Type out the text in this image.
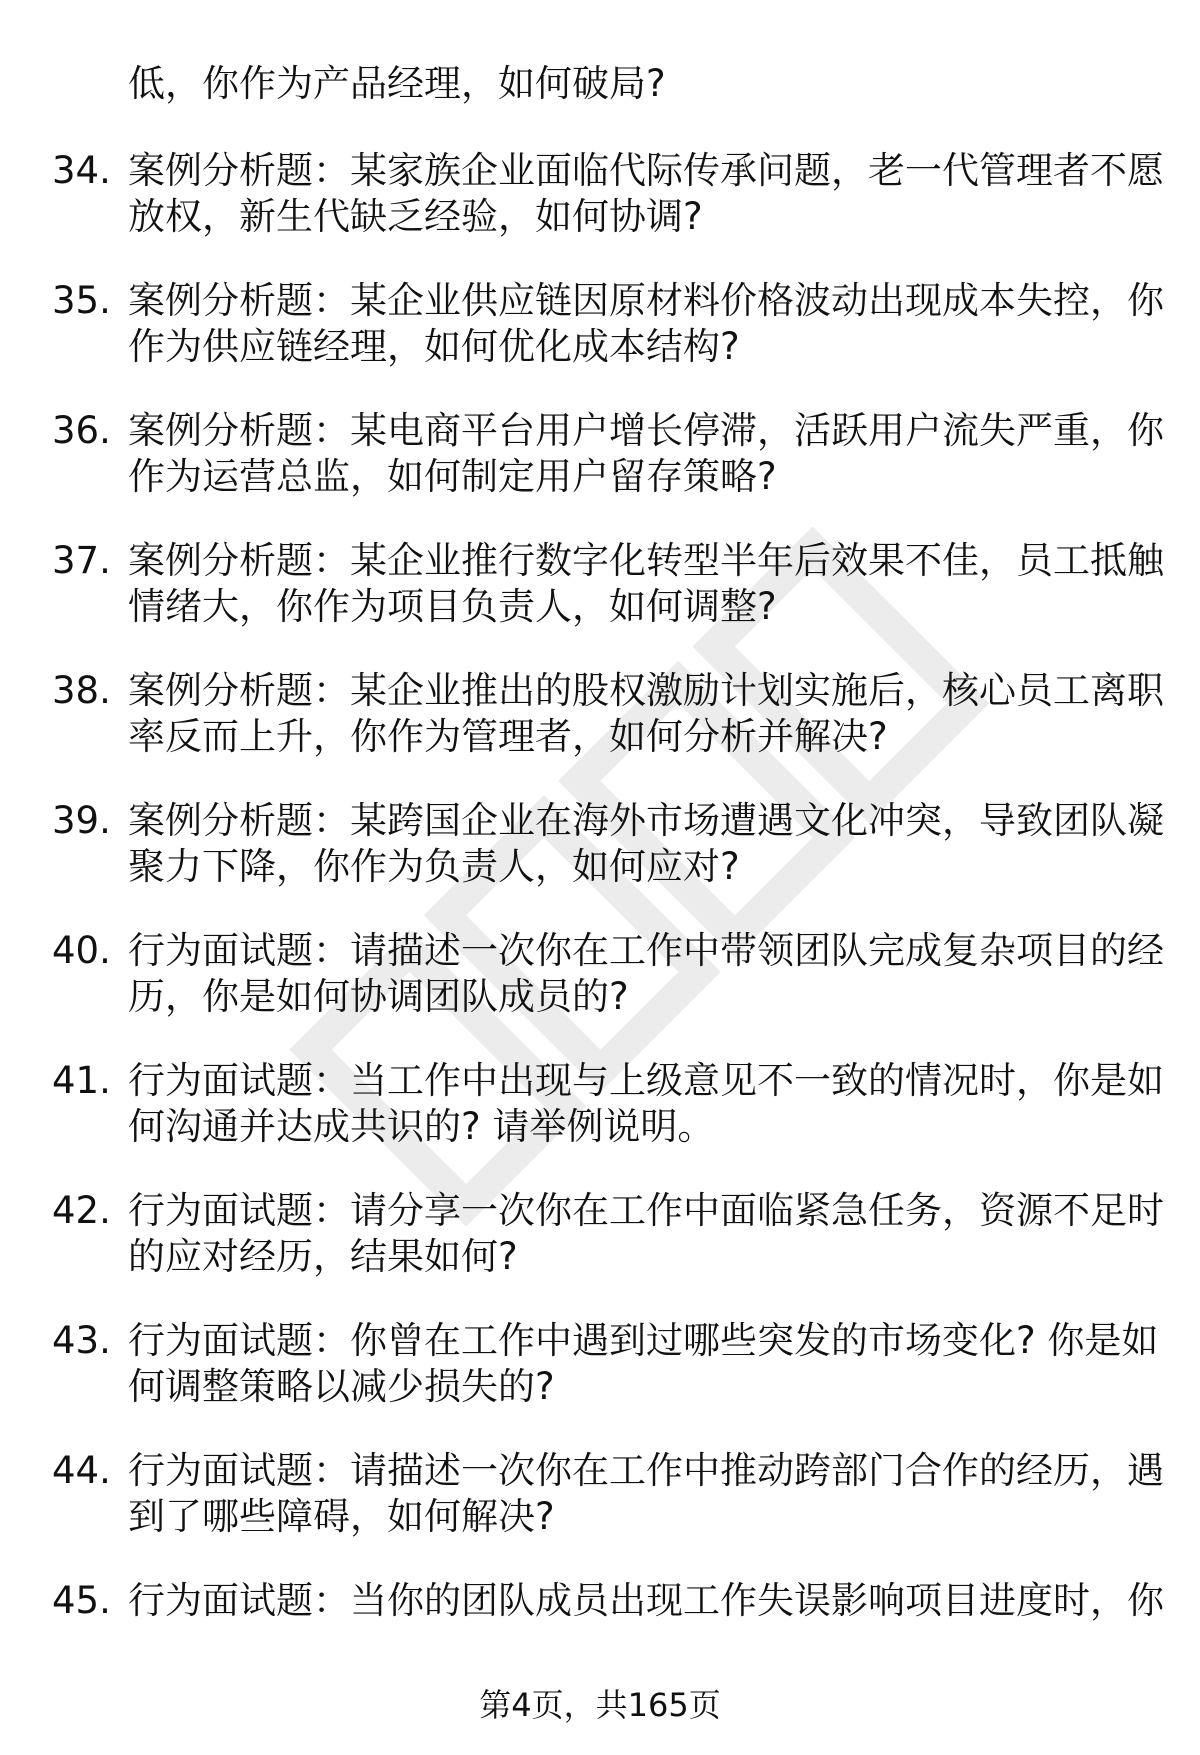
低，你作为产品经理，如何破局?
34. 案例分析题：某家族企业面临代际传承问题，老一代管理者不愿
放权，新生代缺乏经验，如何协调?
35. 案例分析题：某企业供应链因原材料价格波动出现成本失控，你
作为供应链经理，如何优化成本结构?
36. 案例分析题：某电商平台用户增长停滞，活跃用户流失严重，你
作为运营总监，如何制定用户留存策略?
37. 案例分析题：某企业推行数字化转型半年后效果不佳，员工抵触
情绪大，你作为项目负责人，如何调整?
38. 案例分析题：某企业推出的股权激励计划实施后，核心员工离职
率反而上升，你作为管理者，如何分析并解决?
39. 案例分析题：某跨国企业在海外市场遭遇文化冲突，导致团队凝
聚力下降，你作为负责人，如何应对?
40. 行为面试题：请描述一次你在工作中带领团队完成复杂项目的经
历，你是如何协调团队成员的?
41. 行为面试题：当工作中出现与上级意见不一致的情况时，你是如
何沟通并达成共识的? 请举例说明。
42. 行为面试题：请分享一次你在工作中面临紧急任务，资源不足时
的应对经历，结果如何?
43. 行为面试题：你曾在工作中遇到过哪些突发的市场变化? 你是如
何调整策略以减少损失的?
44. 行为面试题：请描述一次你在工作中推动跨部门合作的经历，遇
到了哪些障碍，如何解决?
45. 行为面试题：当你的团队成员出现工作失误影响项目进度时，你
第4页，共165页
